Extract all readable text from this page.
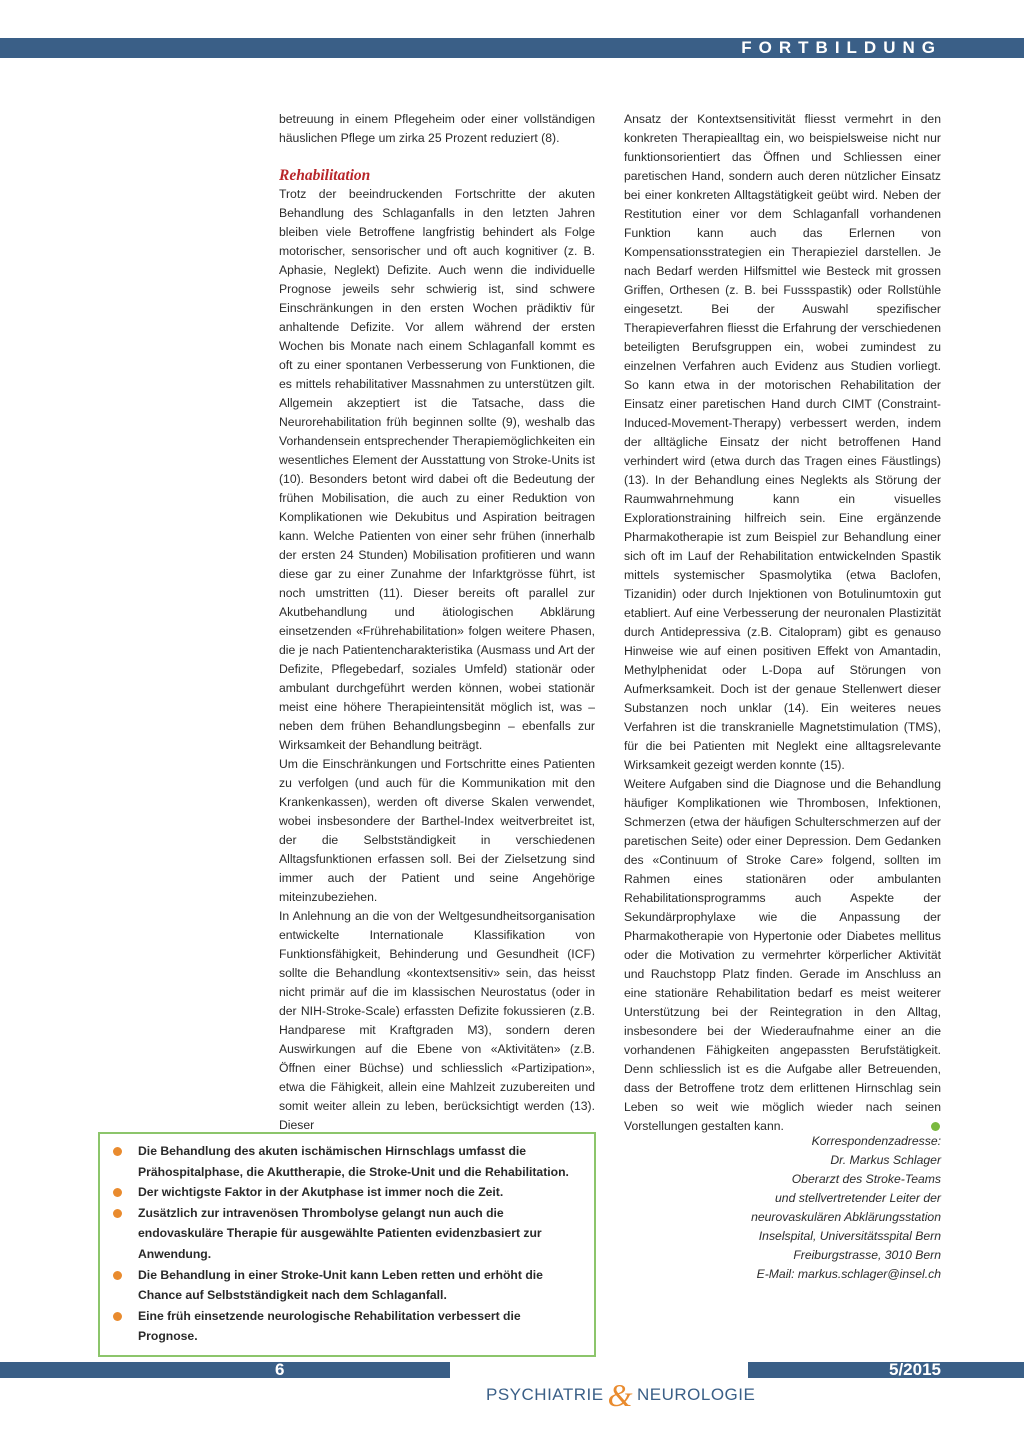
FORTBILDUNG

betreuung in einem Pflegeheim oder einer vollständigen häuslichen Pflege um zirka 25 Prozent reduziert (8).

Rehabilitation

Trotz der beeindruckenden Fortschritte der akuten Behandlung des Schlaganfalls in den letzten Jahren bleiben viele Betroffene langfristig behindert als Folge motorischer, sensorischer und oft auch kognitiver (z. B. Aphasie, Neglekt) Defizite. Auch wenn die individuelle Prognose jeweils sehr schwierig ist, sind schwere Einschränkungen in den ersten Wochen prädiktiv für anhaltende Defizite. Vor allem während der ersten Wochen bis Monate nach einem Schlaganfall kommt es oft zu einer spontanen Verbesserung von Funktionen, die es mittels rehabilitativer Massnahmen zu unterstützen gilt. Allgemein akzeptiert ist die Tatsache, dass die Neurorehabilitation früh beginnen sollte (9), weshalb das Vorhandensein entsprechender Therapiemöglichkeiten ein wesentliches Element der Ausstattung von Stroke-Units ist (10). Besonders betont wird dabei oft die Bedeutung der frühen Mobilisation, die auch zu einer Reduktion von Komplikationen wie Dekubitus und Aspiration beitragen kann. Welche Patienten von einer sehr frühen (innerhalb der ersten 24 Stunden) Mobilisation profitieren und wann diese gar zu einer Zunahme der Infarktgrösse führt, ist noch umstritten (11). Dieser bereits oft parallel zur Akutbehandlung und ätiologischen Abklärung einsetzenden «Frührehabilitation» folgen weitere Phasen, die je nach Patientencharakteristika (Ausmass und Art der Defizite, Pflegebedarf, soziales Umfeld) stationär oder ambulant durchgeführt werden können, wobei stationär meist eine höhere Therapieintensität möglich ist, was – neben dem frühen Behandlungsbeginn – ebenfalls zur Wirksamkeit der Behandlung beiträgt.

Um die Einschränkungen und Fortschritte eines Patienten zu verfolgen (und auch für die Kommunikation mit den Krankenkassen), werden oft diverse Skalen verwendet, wobei insbesondere der Barthel-Index weitverbreitet ist, der die Selbstständigkeit in verschiedenen Alltagsfunktionen erfassen soll. Bei der Zielsetzung sind immer auch der Patient und seine Angehörige miteinzubeziehen.

In Anlehnung an die von der Weltgesundheitsorganisation entwickelte Internationale Klassifikation von Funktionsfähigkeit, Behinderung und Gesundheit (ICF) sollte die Behandlung «kontextsensitiv» sein, das heisst nicht primär auf die im klassischen Neurostatus (oder in der NIH-Stroke-Scale) erfassten Defizite fokussieren (z.B. Handparese mit Kraftgraden M3), sondern deren Auswirkungen auf die Ebene von «Aktivitäten» (z.B. Öffnen einer Büchse) und schliesslich «Partizipation», etwa die Fähigkeit, allein eine Mahlzeit zuzubereiten und somit weiter allein zu leben, berücksichtigt werden (13). Dieser

Ansatz der Kontextsensitivität fliesst vermehrt in den konkreten Therapiealltag ein, wo beispielsweise nicht nur funktionsorientiert das Öffnen und Schliessen einer paretischen Hand, sondern auch deren nützlicher Einsatz bei einer konkreten Alltagstätigkeit geübt wird. Neben der Restitution einer vor dem Schlaganfall vorhandenen Funktion kann auch das Erlernen von Kompensationsstrategien ein Therapieziel darstellen. Je nach Bedarf werden Hilfsmittel wie Besteck mit grossen Griffen, Orthesen (z. B. bei Fussspastik) oder Rollstühle eingesetzt. Bei der Auswahl spezifischer Therapieverfahren fliesst die Erfahrung der verschiedenen beteiligten Berufsgruppen ein, wobei zumindest zu einzelnen Verfahren auch Evidenz aus Studien vorliegt. So kann etwa in der motorischen Rehabilitation der Einsatz einer paretischen Hand durch CIMT (Constraint-Induced-Movement-Therapy) verbessert werden, indem der alltägliche Einsatz der nicht betroffenen Hand verhindert wird (etwa durch das Tragen eines Fäustlings) (13). In der Behandlung eines Neglekts als Störung der Raumwahrnehmung kann ein visuelles Explorationstraining hilfreich sein. Eine ergänzende Pharmakotherapie ist zum Beispiel zur Behandlung einer sich oft im Lauf der Rehabilitation entwickelnden Spastik mittels systemischer Spasmolytika (etwa Baclofen, Tizanidin) oder durch Injektionen von Botulinumtoxin gut etabliert. Auf eine Verbesserung der neuronalen Plastizität durch Antidepressiva (z.B. Citalopram) gibt es genauso Hinweise wie auf einen positiven Effekt von Amantadin, Methylphenidat oder L-Dopa auf Störungen von Aufmerksamkeit. Doch ist der genaue Stellenwert dieser Substanzen noch unklar (14). Ein weiteres neues Verfahren ist die transkranielle Magnetstimulation (TMS), für die bei Patienten mit Neglekt eine alltagsrelevante Wirksamkeit gezeigt werden konnte (15).

Weitere Aufgaben sind die Diagnose und die Behandlung häufiger Komplikationen wie Thrombosen, Infektionen, Schmerzen (etwa der häufigen Schulterschmerzen auf der paretischen Seite) oder einer Depression. Dem Gedanken des «Continuum of Stroke Care» folgend, sollten im Rahmen eines stationären oder ambulanten Rehabilitationsprogramms auch Aspekte der Sekundärprophylaxe wie die Anpassung der Pharmakotherapie von Hypertonie oder Diabetes mellitus oder die Motivation zu vermehrter körperlicher Aktivität und Rauchstopp Platz finden. Gerade im Anschluss an eine stationäre Rehabilitation bedarf es meist weiterer Unterstützung bei der Reintegration in den Alltag, insbesondere bei der Wiederaufnahme einer an die vorhandenen Fähigkeiten angepassten Berufstätigkeit. Denn schliesslich ist es die Aufgabe aller Betreuenden, dass der Betroffene trotz dem erlittenen Hirnschlag sein Leben so weit wie möglich wieder nach seinen Vorstellungen gestalten kann.

Korrespondenzadresse:

Dr. Markus Schlager

Oberarzt des Stroke-Teams

und stellvertretender Leiter der

neurovaskulären Abklärungsstation

Inselspital, Universitätsspital Bern

Freiburgstrasse, 3010 Bern

E-Mail: markus.schlager@insel.ch

Die Behandlung des akuten ischämischen Hirnschlags umfasst die Prähospitalphase, die Akuttherapie, die Stroke-Unit und die Rehabilitation.
Der wichtigste Faktor in der Akutphase ist immer noch die Zeit.
Zusätzlich zur intravenösen Thrombolyse gelangt nun auch die endovaskuläre Therapie für ausgewählte Patienten evidenzbasiert zur Anwendung.
Die Behandlung in einer Stroke-Unit kann Leben retten und erhöht die Chance auf Selbstständigkeit nach dem Schlaganfall.
Eine früh einsetzende neurologische Rehabilitation verbessert die Prognose.
6	5/2015
PSYCHIATRIE & NEUROLOGIE
